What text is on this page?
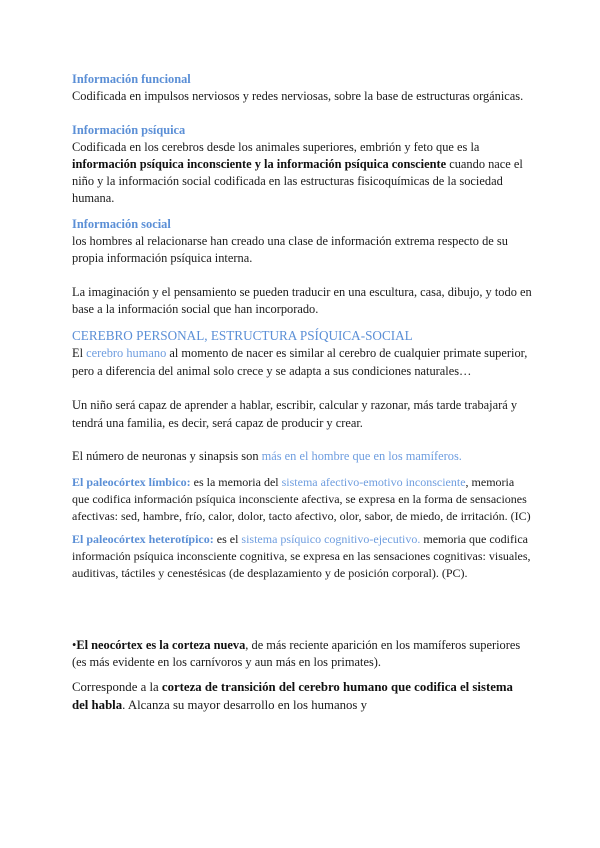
Información funcional

Codificada en impulsos nerviosos y redes nerviosas, sobre la base de estructuras orgánicas.

Información psíquica

Codificada en los cerebros desde los animales superiores, embrión y feto que es la información psíquica inconsciente y la información psíquica consciente cuando nace el niño y la información social codificada en las estructuras fisicoquímicas de la sociedad humana.

Información social

los hombres al relacionarse han creado una clase de información extrema respecto de su propia información psíquica interna.

La imaginación y el pensamiento se pueden traducir en una escultura, casa, dibujo, y todo en base a la información social que han incorporado.

CEREBRO PERSONAL, ESTRUCTURA PSÍQUICA-SOCIAL

El cerebro humano al momento de nacer es similar al cerebro de cualquier primate superior, pero a diferencia del animal solo crece y se adapta a sus condiciones naturales…

Un niño será capaz de aprender a hablar, escribir, calcular y razonar, más tarde trabajará y tendrá una familia, es decir, será capaz de producir y crear.

El número de neuronas y sinapsis son más en el hombre que en los mamíferos.

El paleocórtex límbico: es la memoria del sistema afectivo-emotivo inconsciente, memoria que codifica información psíquica inconsciente afectiva, se expresa en la forma de sensaciones afectivas: sed, hambre, frío, calor, dolor, tacto afectivo, olor, sabor, de miedo, de irritación. (IC)

El paleocórtex heterotípico: es el sistema psíquico cognitivo-ejecutivo. memoria que codifica información psíquica inconsciente cognitiva, se expresa en las sensaciones cognitivas: visuales, auditivas, táctiles y cenestésicas (de desplazamiento y de posición corporal). (PC).

•El neocórtex es la corteza nueva, de más reciente aparición en los mamíferos superiores (es más evidente en los carnívoros y aun más en los primates).

Corresponde a la corteza de transición del cerebro humano que codifica el sistema del habla. Alcanza su mayor desarrollo en los humanos y
